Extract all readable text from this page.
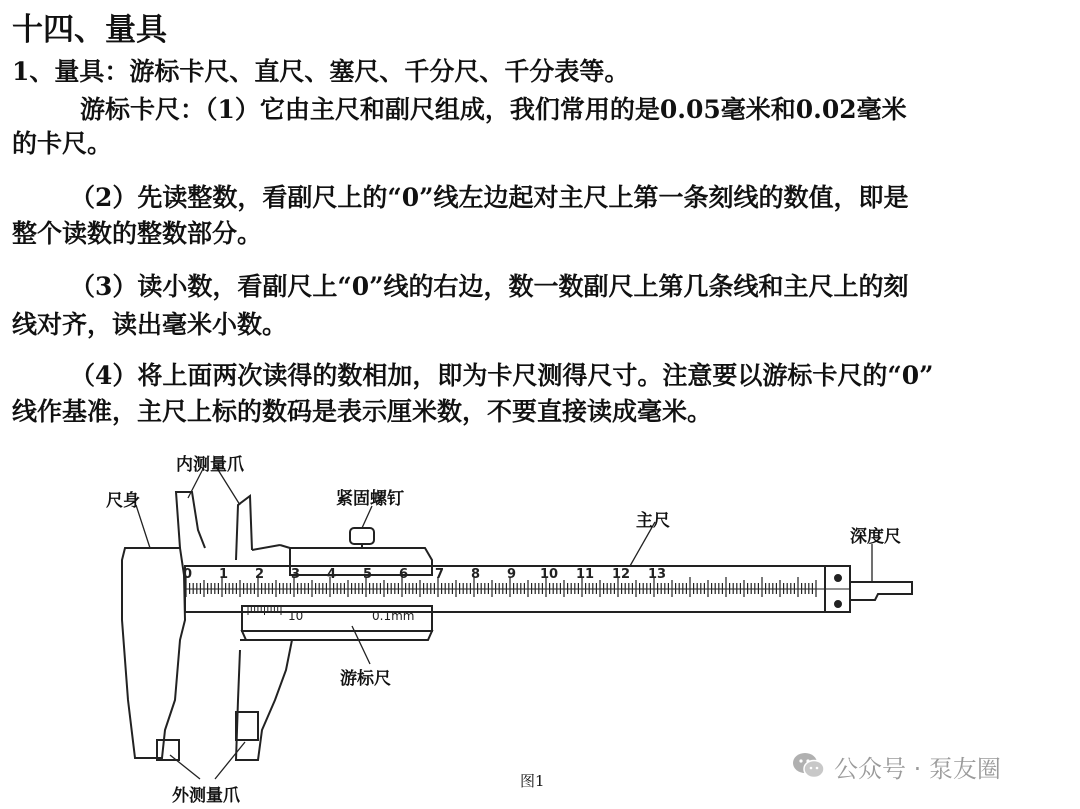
十四、量具
1、量具：游标卡尺、直尺、塞尺、千分尺、千分表等。
游标卡尺：（1）它由主尺和副尺组成，我们常用的是0.05毫米和0.02毫米
的卡尺。
（2）先读整数，看副尺上的“0”线左边起对主尺上第一条刻线的数值，即是
整个读数的整数部分。
（3）读小数，看副尺上“0”线的右边，数一数副尺上第几条线和主尺上的刻
线对齐，读出毫米小数。
（4）将上面两次读得的数相加，即为卡尺测得尺寸。注意要以游标卡尺的“0”
线作基准，主尺上标的数码是表示厘米数，不要直接读成毫米。
0 1 2 3 4 5 6 7 8 9 10 11 12 13
10	0.1mm
内测量爪
尺身	紧固螺钉
主尺
深度尺
游标尺
外测量爪
图1	公众号 · 泵友圈
